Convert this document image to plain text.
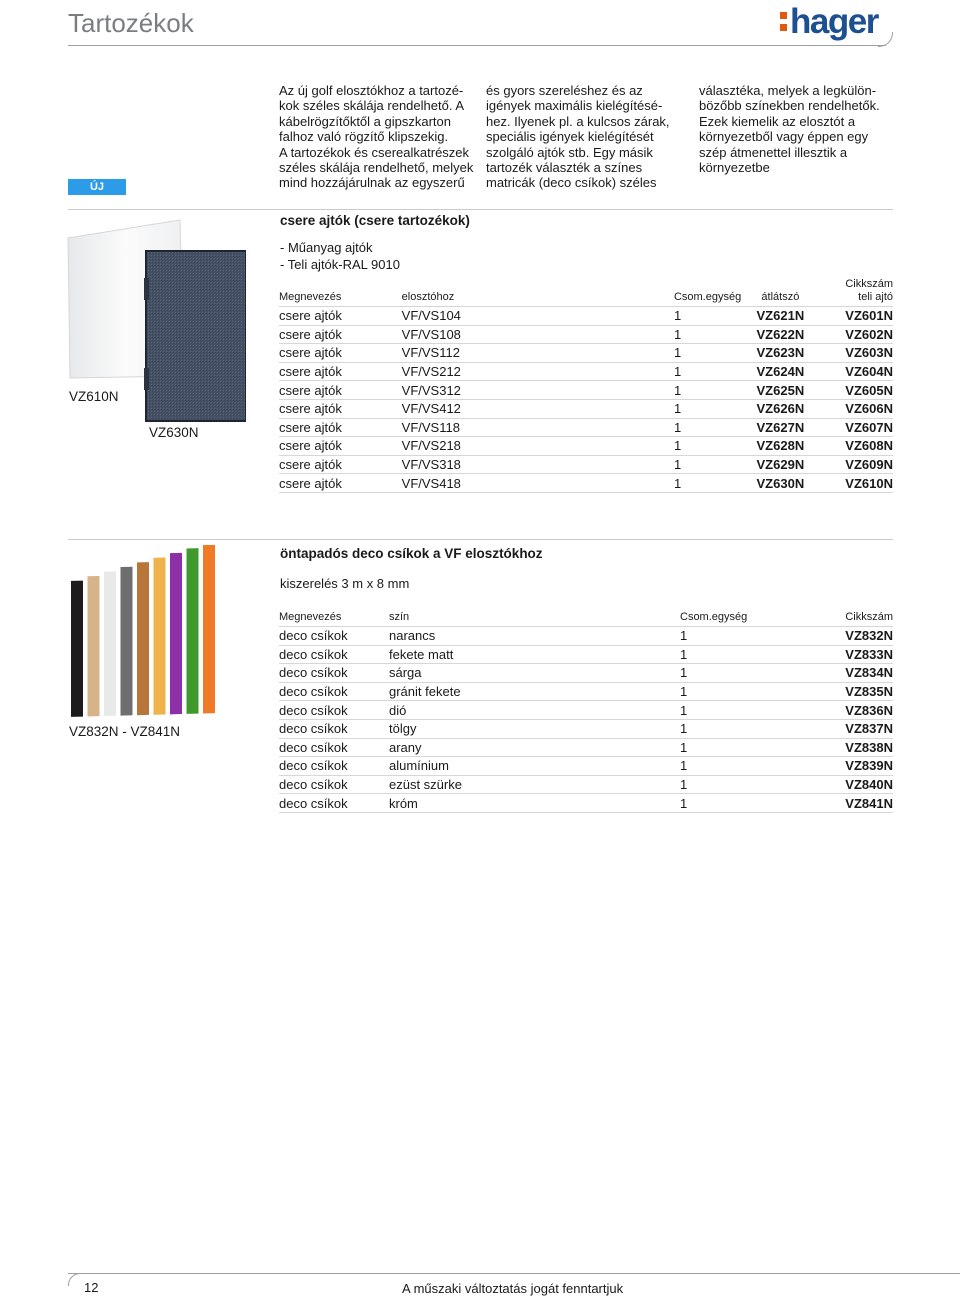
Tartozékok	hager
ÚJ
Az új golf elosztókhoz a tartozé-
kok széles skálája rendelhető. A
kábelrögzítőktől a gipszkarton
falhoz való rögzítő klipszekig.
A tartozékok és cserealkatrészek
széles skálája rendelhető, melyek
mind hozzájárulnak az egyszerű
és gyors szereléshez és az
igények maximális kielégítésé-
hez. Ilyenek pl. a kulcsos zárak,
speciális igények kielégítését
szolgáló ajtók stb. Egy másik
tartozék választék a színes
matricák (deco csíkok) széles
választéka, melyek a legkülön-
bözőbb színekben rendelhetők.
Ezek kiemelik az elosztót a
környezetből vagy éppen egy
szép átmenettel illesztik a
környezetbe
csere ajtók (csere tartozékok)
- Műanyag ajtók
- Teli ajtók-RAL 9010
VZ610N
VZ630N
Megnevezés	elosztóhoz	Csom.egység	átlátszó	Cikkszám
teli ajtó

csere ajtók	VF/VS104	1	VZ621N	VZ601N
csere ajtók	VF/VS108	1	VZ622N	VZ602N
csere ajtók	VF/VS112	1	VZ623N	VZ603N
csere ajtók	VF/VS212	1	VZ624N	VZ604N
csere ajtók	VF/VS312	1	VZ625N	VZ605N
csere ajtók	VF/VS412	1	VZ626N	VZ606N
csere ajtók	VF/VS118	1	VZ627N	VZ607N
csere ajtók	VF/VS218	1	VZ628N	VZ608N
csere ajtók	VF/VS318	1	VZ629N	VZ609N
csere ajtók	VF/VS418	1	VZ630N	VZ610N
öntapadós deco csíkok a VF elosztókhoz
kiszerelés 3 m x 8 mm
VZ832N - VZ841N
Megnevezés	szín	Csom.egység	Cikkszám
deco csíkok	narancs	1	VZ832N
deco csíkok	fekete matt	1	VZ833N
deco csíkok	sárga	1	VZ834N
deco csíkok	gránit fekete	1	VZ835N
deco csíkok	dió	1	VZ836N
deco csíkok	tölgy	1	VZ837N
deco csíkok	arany	1	VZ838N
deco csíkok	alumínium	1	VZ839N
deco csíkok	ezüst szürke	1	VZ840N
deco csíkok	króm	1	VZ841N
12	A műszaki változtatás jogát fenntartjuk
